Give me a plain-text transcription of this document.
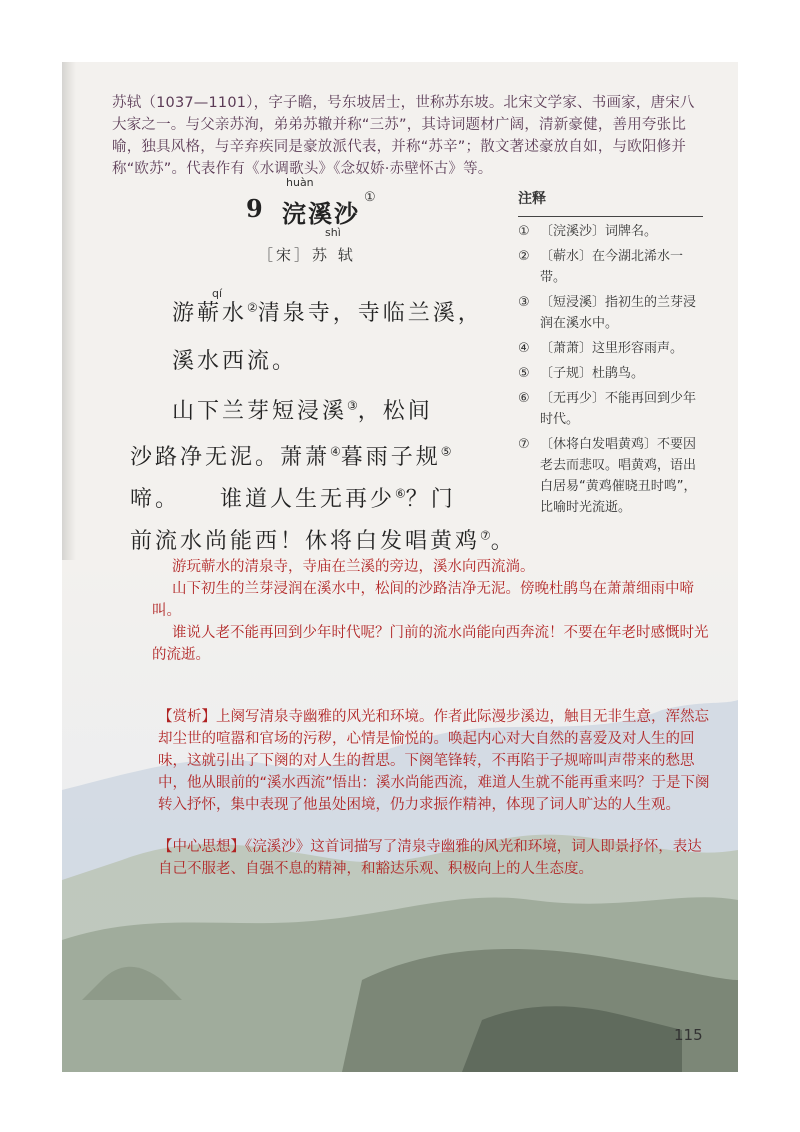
苏轼（1037—1101），字子瞻，号东坡居士，世称苏东坡。北宋文学家、书画家，唐宋八大家之一。与父亲苏洵，弟弟苏辙并称“三苏”，其诗词题材广阔，清新豪健，善用夸张比喻，独具风格，与辛弃疾同是豪放派代表，并称“苏辛”；散文著述豪放自如，与欧阳修并称“欧苏”。代表作有《水调歌头》《念奴娇·赤壁怀古》等。
huàn
9 浣溪沙
①
shì
［宋］苏 轼
qí
游蕲水②清泉寺，寺临兰溪，
溪水西流。
山下兰芽短浸溪③，松间
沙路净无泥。萧萧④暮雨子规⑤
啼。    谁道人生无再少⑥？门
前流水尚能西！休将白发唱黄鸡⑦。

游玩蕲水的清泉寺，寺庙在兰溪的旁边，溪水向西流淌。

山下初生的兰芽浸润在溪水中，松间的沙路洁净无泥。傍晚杜鹃鸟在萧萧细雨中啼叫。

谁说人老不能再回到少年时代呢？门前的流水尚能向西奔流！不要在年老时感慨时光的流逝。

注释
① 〔浣溪沙〕词牌名。
② 〔蕲水〕在今湖北浠水一带。
③ 〔短浸溪〕指初生的兰芽浸润在溪水中。
④ 〔萧萧〕这里形容雨声。
⑤ 〔子规〕杜鹃鸟。
⑥ 〔无再少〕不能再回到少年时代。
⑦ 〔休将白发唱黄鸡〕不要因老去而悲叹。唱黄鸡，语出白居易“黄鸡催晓丑时鸣”，比喻时光流逝。

【赏析】上阕写清泉寺幽雅的风光和环境。作者此际漫步溪边，触目无非生意，浑然忘却尘世的喧嚣和官场的污秽，心情是愉悦的。唤起内心对大自然的喜爱及对人生的回味，这就引出了下阕的对人生的哲思。下阕笔锋转，不再陷于子规啼叫声带来的愁思中，他从眼前的“溪水西流”悟出：溪水尚能西流，难道人生就不能再重来吗？于是下阕转入抒怀，集中表现了他虽处困境，仍力求振作精神，体现了词人旷达的人生观。

【中心思想】《浣溪沙》这首词描写了清泉寺幽雅的风光和环境，词人即景抒怀，表达自己不服老、自强不息的精神，和豁达乐观、积极向上的人生态度。

115
